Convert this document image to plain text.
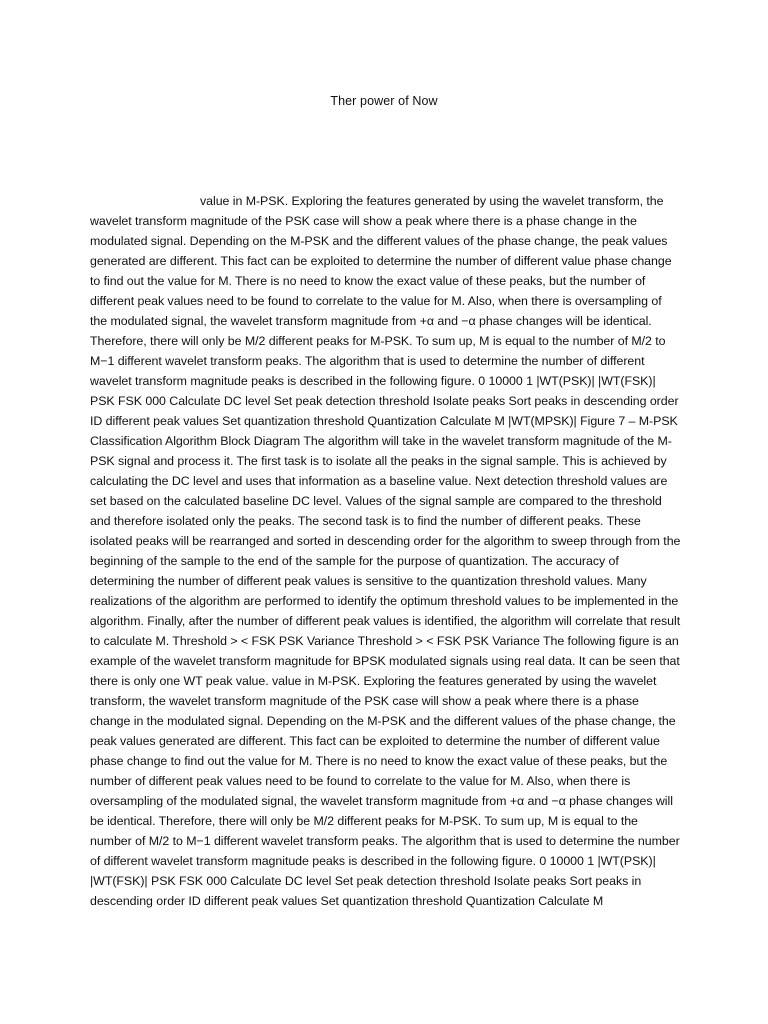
Ther power of Now
value in M-PSK. Exploring the features generated by using the wavelet transform, the wavelet transform magnitude of the PSK case will show a peak where there is a phase change in the modulated signal. Depending on the M-PSK and the different values of the phase change, the peak values generated are different. This fact can be exploited to determine the number of different value phase change to find out the value for M. There is no need to know the exact value of these peaks, but the number of different peak values need to be found to correlate to the value for M. Also, when there is oversampling of the modulated signal, the wavelet transform magnitude from +α and −α phase changes will be identical. Therefore, there will only be M/2 different peaks for M-PSK. To sum up, M is equal to the number of M/2 to M−1 different wavelet transform peaks. The algorithm that is used to determine the number of different wavelet transform magnitude peaks is described in the following figure. 0 10000 1 |WT(PSK)| |WT(FSK)| PSK FSK 000 Calculate DC level Set peak detection threshold Isolate peaks Sort peaks in descending order ID different peak values Set quantization threshold Quantization Calculate M |WT(MPSK)| Figure 7 – M-PSK Classification Algorithm Block Diagram The algorithm will take in the wavelet transform magnitude of the M-PSK signal and process it. The first task is to isolate all the peaks in the signal sample. This is achieved by calculating the DC level and uses that information as a baseline value. Next detection threshold values are set based on the calculated baseline DC level. Values of the signal sample are compared to the threshold and therefore isolated only the peaks. The second task is to find the number of different peaks. These isolated peaks will be rearranged and sorted in descending order for the algorithm to sweep through from the beginning of the sample to the end of the sample for the purpose of quantization. The accuracy of determining the number of different peak values is sensitive to the quantization threshold values. Many realizations of the algorithm are performed to identify the optimum threshold values to be implemented in the algorithm. Finally, after the number of different peak values is identified, the algorithm will correlate that result to calculate M. Threshold > < FSK PSK Variance Threshold > < FSK PSK Variance The following figure is an example of the wavelet transform magnitude for BPSK modulated signals using real data. It can be seen that there is only one WT peak value. value in M-PSK. Exploring the features generated by using the wavelet transform, the wavelet transform magnitude of the PSK case will show a peak where there is a phase change in the modulated signal. Depending on the M-PSK and the different values of the phase change, the peak values generated are different. This fact can be exploited to determine the number of different value phase change to find out the value for M. There is no need to know the exact value of these peaks, but the number of different peak values need to be found to correlate to the value for M. Also, when there is oversampling of the modulated signal, the wavelet transform magnitude from +α and −α phase changes will be identical. Therefore, there will only be M/2 different peaks for M-PSK. To sum up, M is equal to the number of M/2 to M−1 different wavelet transform peaks. The algorithm that is used to determine the number of different wavelet transform magnitude peaks is described in the following figure. 0 10000 1 |WT(PSK)| |WT(FSK)| PSK FSK 000 Calculate DC level Set peak detection threshold Isolate peaks Sort peaks in descending order ID different peak values Set quantization threshold Quantization Calculate M
